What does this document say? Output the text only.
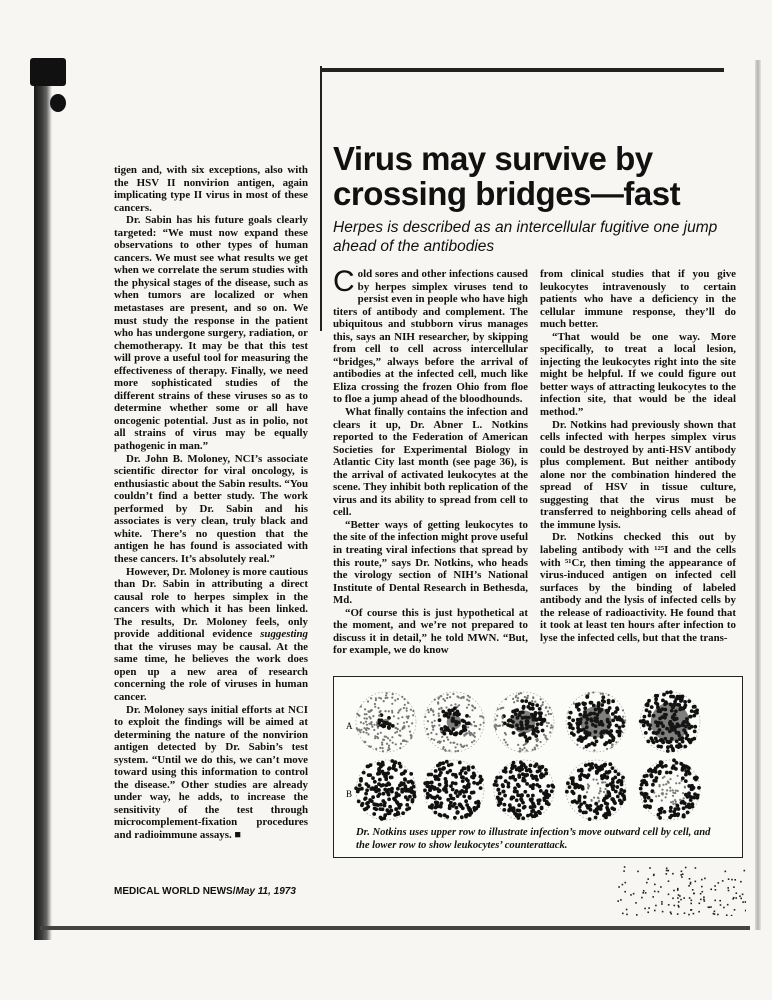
tigen and, with six exceptions, also with the HSV II nonvirion antigen, again implicating type II virus in most of these cancers.

Dr. Sabin has his future goals clearly targeted: “We must now expand these observations to other types of human cancers. We must see what results we get when we correlate the serum studies with the physical stages of the disease, such as when tumors are localized or when metastases are present, and so on. We must study the response in the patient who has undergone surgery, radiation, or chemotherapy. It may be that this test will prove a useful tool for measuring the effectiveness of therapy. Finally, we need more sophisticated studies of the different strains of these viruses so as to determine whether some or all have oncogenic potential. Just as in polio, not all strains of virus may be equally pathogenic in man.”

Dr. John B. Moloney, NCI’s associate scientific director for viral oncology, is enthusiastic about the Sabin results. “You couldn’t find a better study. The work performed by Dr. Sabin and his associates is very clean, truly black and white. There’s no question that the antigen he has found is associated with these cancers. It’s absolutely real.”

However, Dr. Moloney is more cautious than Dr. Sabin in attributing a direct causal role to herpes simplex in the cancers with which it has been linked. The results, Dr. Moloney feels, only provide additional evidence suggesting that the viruses may be causal. At the same time, he believes the work does open up a new area of research concerning the role of viruses in human cancer.

Dr. Moloney says initial efforts at NCI to exploit the findings will be aimed at determining the nature of the nonvirion antigen detected by Dr. Sabin’s test system. “Until we do this, we can’t move toward using this information to control the disease.” Other studies are already under way, he adds, to increase the sensitivity of the test through microcomplement-fixation procedures and radioimmune assays. ■

Virus may survive by crossing bridges—fast

Herpes is described as an intercellular fugitive one jump ahead of the antibodies

Cold sores and other infections caused by herpes simplex viruses tend to persist even in people who have high titers of antibody and complement. The ubiquitous and stubborn virus manages this, says an NIH researcher, by skipping from cell to cell across intercellular “bridges,” always before the arrival of antibodies at the infected cell, much like Eliza crossing the frozen Ohio from floe to floe a jump ahead of the bloodhounds.

What finally contains the infection and clears it up, Dr. Abner L. Notkins reported to the Federation of American Societies for Experimental Biology in Atlantic City last month (see page 36), is the arrival of activated leukocytes at the scene. They inhibit both replication of the virus and its ability to spread from cell to cell.

“Better ways of getting leukocytes to the site of the infection might prove useful in treating viral infections that spread by this route,” says Dr. Notkins, who heads the virology section of NIH’s National Institute of Dental Research in Bethesda, Md.

“Of course this is just hypothetical at the moment, and we’re not prepared to discuss it in detail,” he told MWN. “But, for example, we do know

from clinical studies that if you give leukocytes intravenously to certain patients who have a deficiency in the cellular immune response, they’ll do much better.

“That would be one way. More specifically, to treat a local lesion, injecting the leukocytes right into the site might be helpful. If we could figure out better ways of attracting leukocytes to the infection site, that would be the ideal method.”

Dr. Notkins had previously shown that cells infected with herpes simplex virus could be destroyed by anti-HSV antibody plus complement. But neither antibody alone nor the combination hindered the spread of HSV in tissue culture, suggesting that the virus must be transferred to neighboring cells ahead of the immune lysis.

Dr. Notkins checked this out by labeling antibody with ¹²⁵I and the cells with ⁵¹Cr, then timing the appearance of virus-induced antigen on infected cell surfaces by the binding of labeled antibody and the lysis of infected cells by the release of radioactivity. He found that it took at least ten hours after infection to lyse the infected cells, but that the trans-

A
B

Dr. Notkins uses upper row to illustrate infection’s move outward cell by cell, and the lower row to show leukocytes’ counterattack.

MEDICAL WORLD NEWS/May 11, 1973
